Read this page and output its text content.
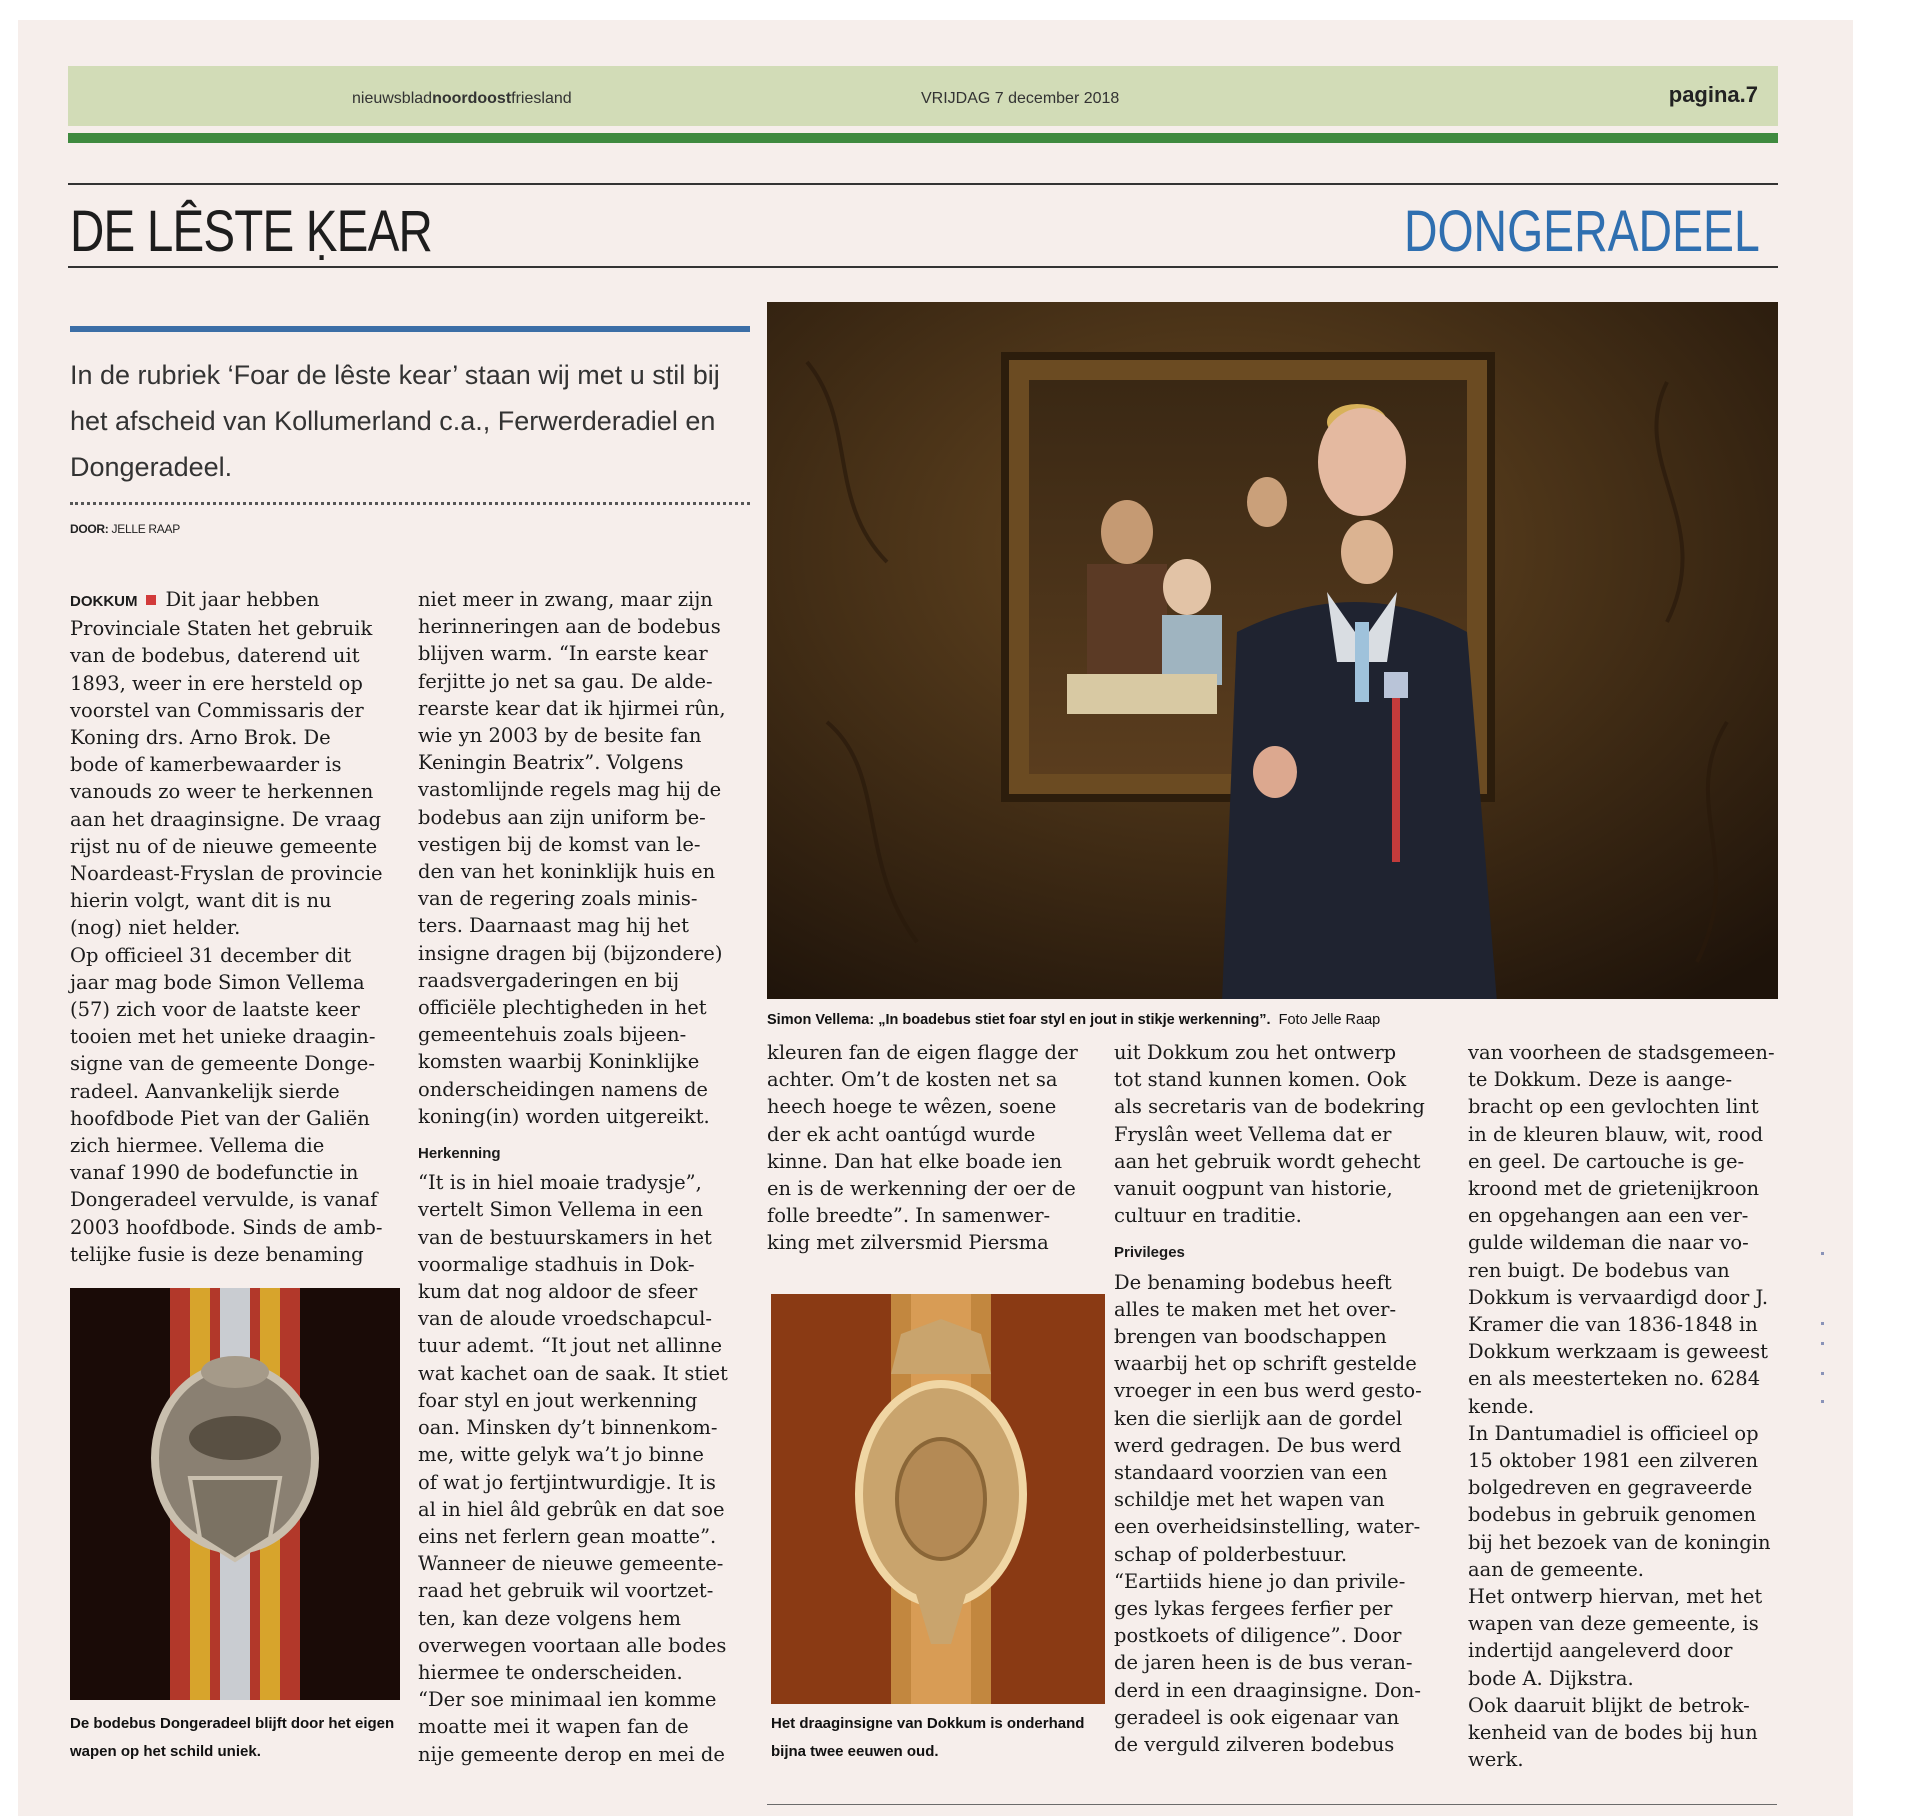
nieuwsbladnoordoostfriesland	VRIJDAG 7 december 2018	pagina.7
DE LÊSTE ḲEAR	DONGERADEEL
In de rubriek ‘Foar de lêste kear’ staan wij met u stil bij het afscheid van Kollumerland c.a., Ferwerderadiel en Dongeradeel.
DOOR: JELLE RAAP
Simon Vellema: „In boadebus stiet foar styl en jout in stikje werkenning”. Foto Jelle Raap

DOKKUM Dit jaar hebben
Provinciale Staten het gebruik
van de bodebus, daterend uit
1893, weer in ere hersteld op
voorstel van Commissaris der
Koning drs. Arno Brok. De
bode of kamerbewaarder is
vanouds zo weer te herkennen
aan het draaginsigne. De vraag
rijst nu of de nieuwe gemeente
Noardeast-Fryslan de provincie
hierin volgt, want dit is nu
(nog) niet helder.
Op officieel 31 december dit
jaar mag bode Simon Vellema
(57) zich voor de laatste keer
tooien met het unieke draagin-
signe van de gemeente Donge-
radeel. Aanvankelijk sierde
hoofdbode Piet van der Galiën
zich hiermee. Vellema die
vanaf 1990 de bodefunctie in
Dongeradeel vervulde, is vanaf
2003 hoofdbode. Sinds de amb-
telijke fusie is deze benaming

niet meer in zwang, maar zijn
herinneringen aan de bodebus
blijven warm. “In earste kear
ferjitte jo net sa gau. De alde-
rearste kear dat ik hjirmei rûn,
wie yn 2003 by de besite fan
Keningin Beatrix”. Volgens
vastomlijnde regels mag hij de
bodebus aan zijn uniform be-
vestigen bij de komst van le-
den van het koninklijk huis en
van de regering zoals minis-
ters. Daarnaast mag hij het
insigne dragen bij (bijzondere)
raadsvergaderingen en bij
officiële plechtigheden in het
gemeentehuis zoals bijeen-
komsten waarbij Koninklijke
onderscheidingen namens de
koning(in) worden uitgereikt.

Herkenning

“It is in hiel moaie tradysje”,
vertelt Simon Vellema in een
van de bestuurskamers in het
voormalige stadhuis in Dok-
kum dat nog aldoor de sfeer
van de aloude vroedschapcul-
tuur ademt. “It jout net allinne
wat kachet oan de saak. It stiet
foar styl en jout werkenning
oan. Minsken dy’t binnenkom-
me, witte gelyk wa’t jo binne
of wat jo fertjintwurdigje. It is
al in hiel âld gebrûk en dat soe
eins net ferlern gean moatte”.
Wanneer de nieuwe gemeente-
raad het gebruik wil voortzet-
ten, kan deze volgens hem
overwegen voortaan alle bodes
hiermee te onderscheiden.
“Der soe minimaal ien komme
moatte mei it wapen fan de
nije gemeente derop en mei de

De bodebus Dongeradeel blijft door het eigen wapen op het schild uniek.

kleuren fan de eigen flagge der
achter. Om’t de kosten net sa
heech hoege te wêzen, soene
der ek acht oantúgd wurde
kinne. Dan hat elke boade ien
en is de werkenning der oer de
folle breedte”. In samenwer-
king met zilversmid Piersma

Het draaginsigne van Dokkum is onderhand bijna twee eeuwen oud.

uit Dokkum zou het ontwerp
tot stand kunnen komen. Ook
als secretaris van de bodekring
Fryslân weet Vellema dat er
aan het gebruik wordt gehecht
vanuit oogpunt van historie,
cultuur en traditie.

Privileges

De benaming bodebus heeft
alles te maken met het over-
brengen van boodschappen
waarbij het op schrift gestelde
vroeger in een bus werd gesto-
ken die sierlijk aan de gordel
werd gedragen. De bus werd
standaard voorzien van een
schildje met het wapen van
een overheidsinstelling, water-
schap of polderbestuur.
“Eartiids hiene jo dan privile-
ges lykas fergees ferfier per
postkoets of diligence”. Door
de jaren heen is de bus veran-
derd in een draaginsigne. Don-
geradeel is ook eigenaar van
de verguld zilveren bodebus

van voorheen de stadsgemeen-
te Dokkum. Deze is aange-
bracht op een gevlochten lint
in de kleuren blauw, wit, rood
en geel. De cartouche is ge-
kroond met de grietenijkroon
en opgehangen aan een ver-
gulde wildeman die naar vo-
ren buigt. De bodebus van
Dokkum is vervaardigd door J.
Kramer die van 1836-1848 in
Dokkum werkzaam is geweest
en als meesterteken no. 6284
kende.
In Dantumadiel is officieel op
15 oktober 1981 een zilveren
bolgedreven en gegraveerde
bodebus in gebruik genomen
bij het bezoek van de koningin
aan de gemeente.
Het ontwerp hiervan, met het
wapen van deze gemeente, is
indertijd aangeleverd door
bode A. Dijkstra.
Ook daaruit blijkt de betrok-
kenheid van de bodes bij hun
werk.
